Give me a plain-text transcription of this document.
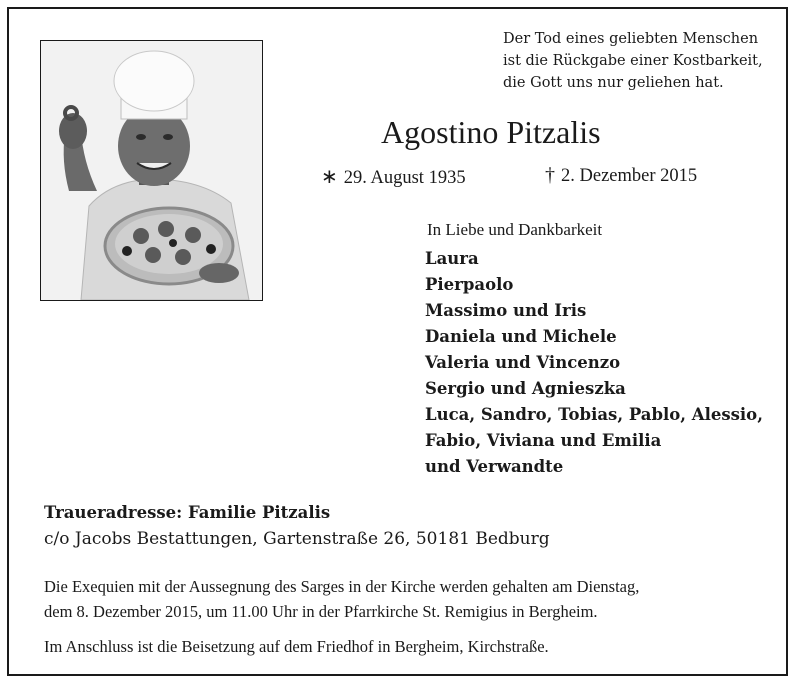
Der Tod eines geliebten Menschen
ist die Rückgabe einer Kostbarkeit,
die Gott uns nur geliehen hat.
Agostino Pitzalis
∗ 29. August 1935	† 2. Dezember 2015
In Liebe und Dankbarkeit
Laura
Pierpaolo
Massimo und Iris
Daniela und Michele
Valeria und Vincenzo
Sergio und Agnieszka
Luca, Sandro, Tobias, Pablo, Alessio,
Fabio, Viviana und Emilia
und Verwandte
Traueradresse: Familie Pitzalis
c/o Jacobs Bestattungen, Gartenstraße 26, 50181 Bedburg
Die Exequien mit der Aussegnung des Sarges in der Kirche werden gehalten am Dienstag,
dem 8. Dezember 2015, um 11.00 Uhr in der Pfarrkirche St. Remigius in Bergheim.
Im Anschluss ist die Beisetzung auf dem Friedhof in Bergheim, Kirchstraße.
